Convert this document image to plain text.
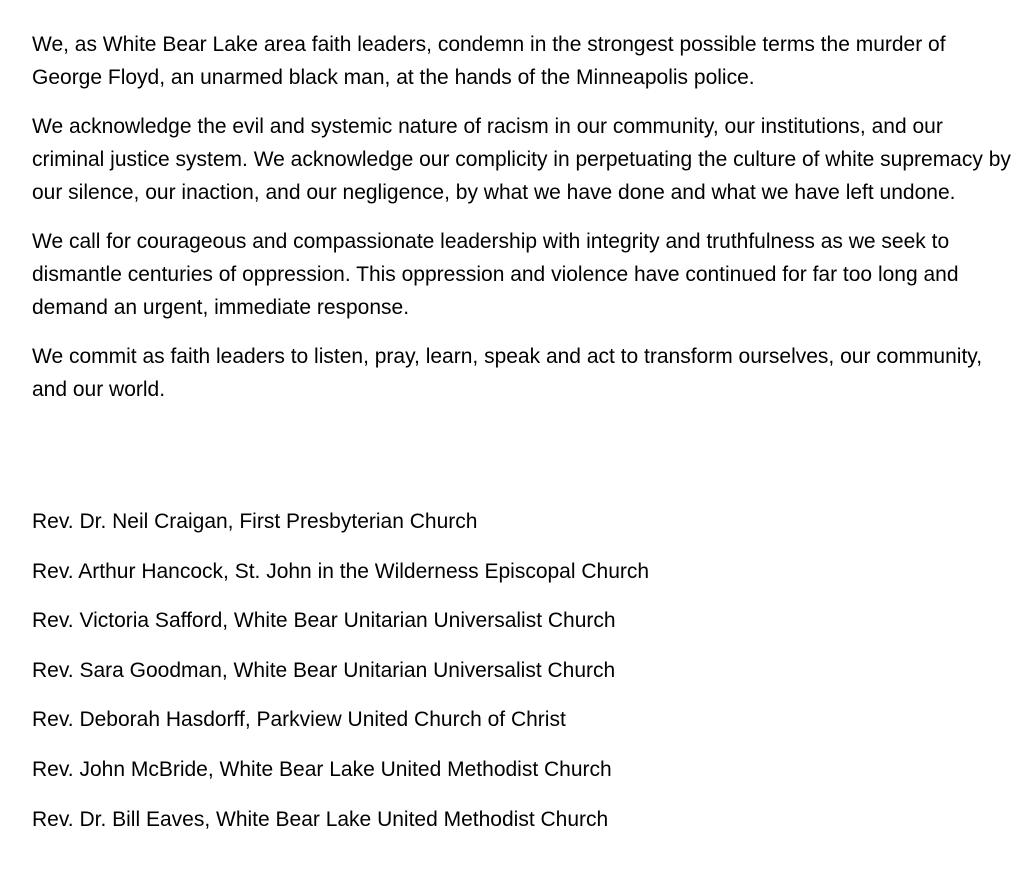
We, as White Bear Lake area faith leaders, condemn in the strongest possible terms the murder of George Floyd, an unarmed black man, at the hands of the Minneapolis police.

We acknowledge the evil and systemic nature of racism in our community, our institutions, and our criminal justice system. We acknowledge our complicity in perpetuating the culture of white supremacy by our silence, our inaction, and our negligence, by what we have done and what we have left undone.

We call for courageous and compassionate leadership with integrity and truthfulness as we seek to dismantle centuries of oppression. This oppression and violence have continued for far too long and demand an urgent, immediate response.

We commit as faith leaders to listen, pray, learn, speak and act to transform ourselves, our community, and our world.

Rev. Dr. Neil Craigan, First Presbyterian Church
Rev. Arthur Hancock, St. John in the Wilderness Episcopal Church
Rev. Victoria Safford, White Bear Unitarian Universalist Church
Rev. Sara Goodman, White Bear Unitarian Universalist Church
Rev. Deborah Hasdorff, Parkview United Church of Christ
Rev. John McBride, White Bear Lake United Methodist Church
Rev. Dr. Bill Eaves, White Bear Lake United Methodist Church
